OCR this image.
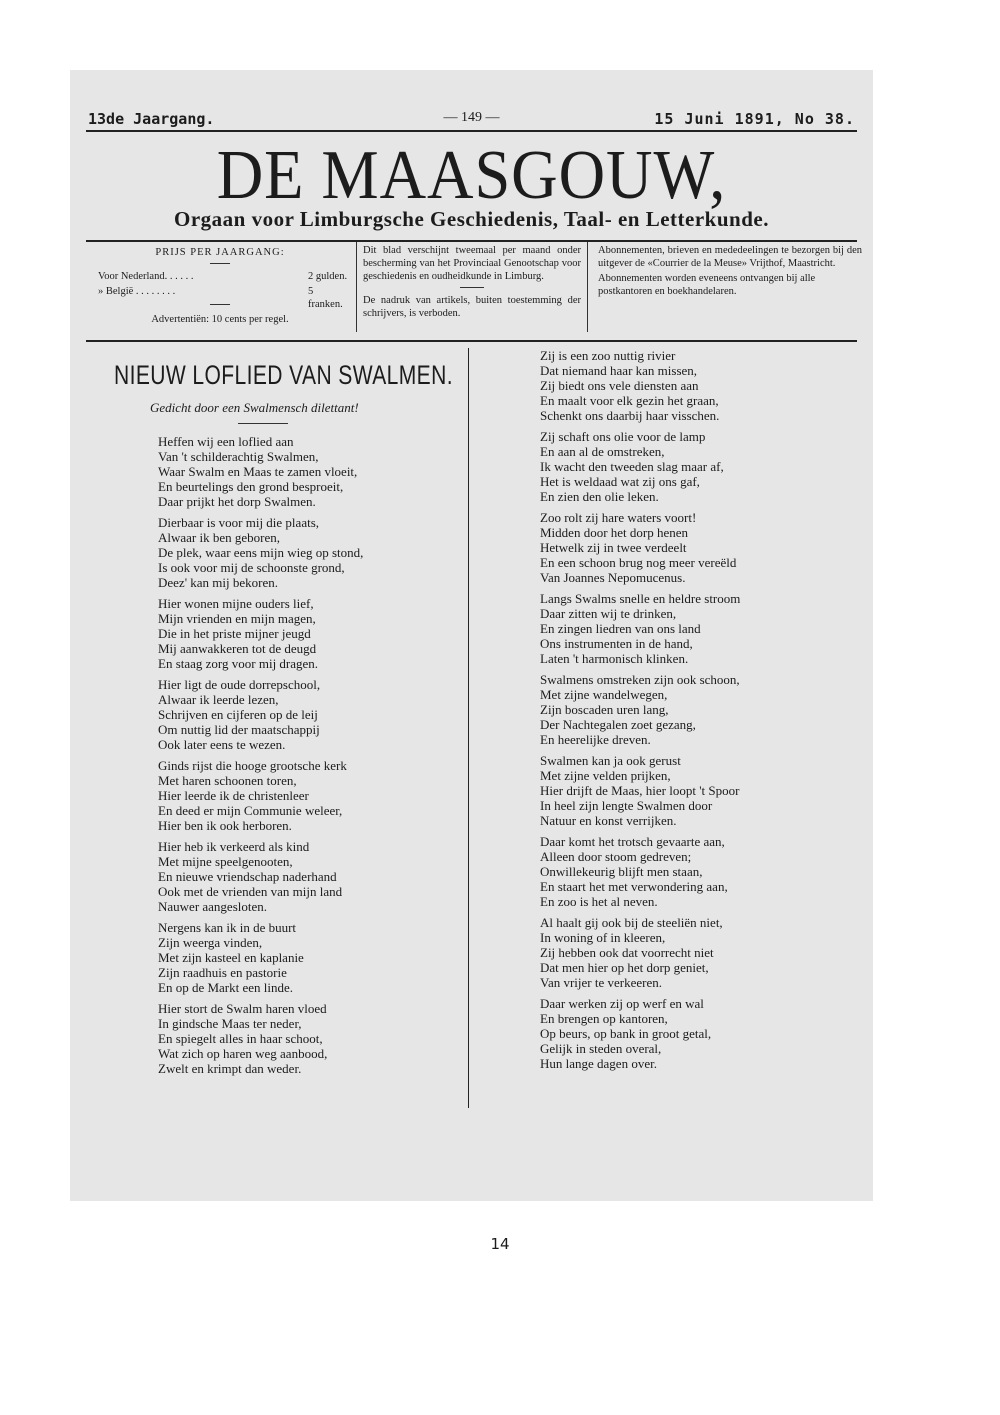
13de Jaargang.	— 149 —	15 Juni 1891, No 38.
DE MAASGOUW,
Orgaan voor Limburgsche Geschiedenis, Taal- en Letterkunde.
PRIJS PER JAARGANG:
Voor Nederland. . . . . .	2 gulden.
» België . . . . . . . .	5 franken.
Advertentiën: 10 cents per regel.

Dit blad verschijnt tweemaal per maand onder bescherming van het Provinciaal Genootschap voor geschiedenis en oudheidkunde in Limburg.

De nadruk van artikels, buiten toestemming der schrijvers, is verboden.

Abonnementen, brieven en mededeelingen te bezorgen bij den uitgever de «Courrier de la Meuse» Vrijthof, Maastricht.

Abonnementen worden eveneens ontvangen bij alle postkantoren en boekhandelaren.

NIEUW LOFLIED VAN SWALMEN.
Gedicht door een Swalmensch dilettant!
Heffen wij een loflied aan
Van 't schilderachtig Swalmen,
Waar Swalm en Maas te zamen vloeit,
En beurtelings den grond besproeit,
Daar prijkt het dorp Swalmen.
Dierbaar is voor mij die plaats,
Alwaar ik ben geboren,
De plek, waar eens mijn wieg op stond,
Is ook voor mij de schoonste grond,
Deez' kan mij bekoren.
Hier wonen mijne ouders lief,
Mijn vrienden en mijn magen,
Die in het priste mijner jeugd
Mij aanwakkeren tot de deugd
En staag zorg voor mij dragen.
Hier ligt de oude dorrepschool,
Alwaar ik leerde lezen,
Schrijven en cijferen op de leij
Om nuttig lid der maatschappij
Ook later eens te wezen.
Ginds rijst die hooge grootsche kerk
Met haren schoonen toren,
Hier leerde ik de christenleer
En deed er mijn Communie weleer,
Hier ben ik ook herboren.
Hier heb ik verkeerd als kind
Met mijne speelgenooten,
En nieuwe vriendschap naderhand
Ook met de vrienden van mijn land
Nauwer aangesloten.
Nergens kan ik in de buurt
Zijn weerga vinden,
Met zijn kasteel en kaplanie
Zijn raadhuis en pastorie
En op de Markt een linde.
Hier stort de Swalm haren vloed
In gindsche Maas ter neder,
En spiegelt alles in haar schoot,
Wat zich op haren weg aanbood,
Zwelt en krimpt dan weder.
Zij is een zoo nuttig rivier
Dat niemand haar kan missen,
Zij biedt ons vele diensten aan
En maalt voor elk gezin het graan,
Schenkt ons daarbij haar visschen.
Zij schaft ons olie voor de lamp
En aan al de omstreken,
Ik wacht den tweeden slag maar af,
Het is weldaad wat zij ons gaf,
En zien den olie leken.
Zoo rolt zij hare waters voort!
Midden door het dorp henen
Hetwelk zij in twee verdeelt
En een schoon brug nog meer vereëld
Van Joannes Nepomucenus.
Langs Swalms snelle en heldre stroom
Daar zitten wij te drinken,
En zingen liedren van ons land
Ons instrumenten in de hand,
Laten 't harmonisch klinken.
Swalmens omstreken zijn ook schoon,
Met zijne wandelwegen,
Zijn boscaden uren lang,
Der Nachtegalen zoet gezang,
En heerelijke dreven.
Swalmen kan ja ook gerust
Met zijne velden prijken,
Hier drijft de Maas, hier loopt 't Spoor
In heel zijn lengte Swalmen door
Natuur en konst verrijken.
Daar komt het trotsch gevaarte aan,
Alleen door stoom gedreven;
Onwillekeurig blijft men staan,
En staart het met verwondering aan,
En zoo is het al neven.
Al haalt gij ook bij de steeliën niet,
In woning of in kleeren,
Zij hebben ook dat voorrecht niet
Dat men hier op het dorp geniet,
Van vrijer te verkeeren.
Daar werken zij op werf en wal
En brengen op kantoren,
Op beurs, op bank in groot getal,
Gelijk in steden overal,
Hun lange dagen over.
14
